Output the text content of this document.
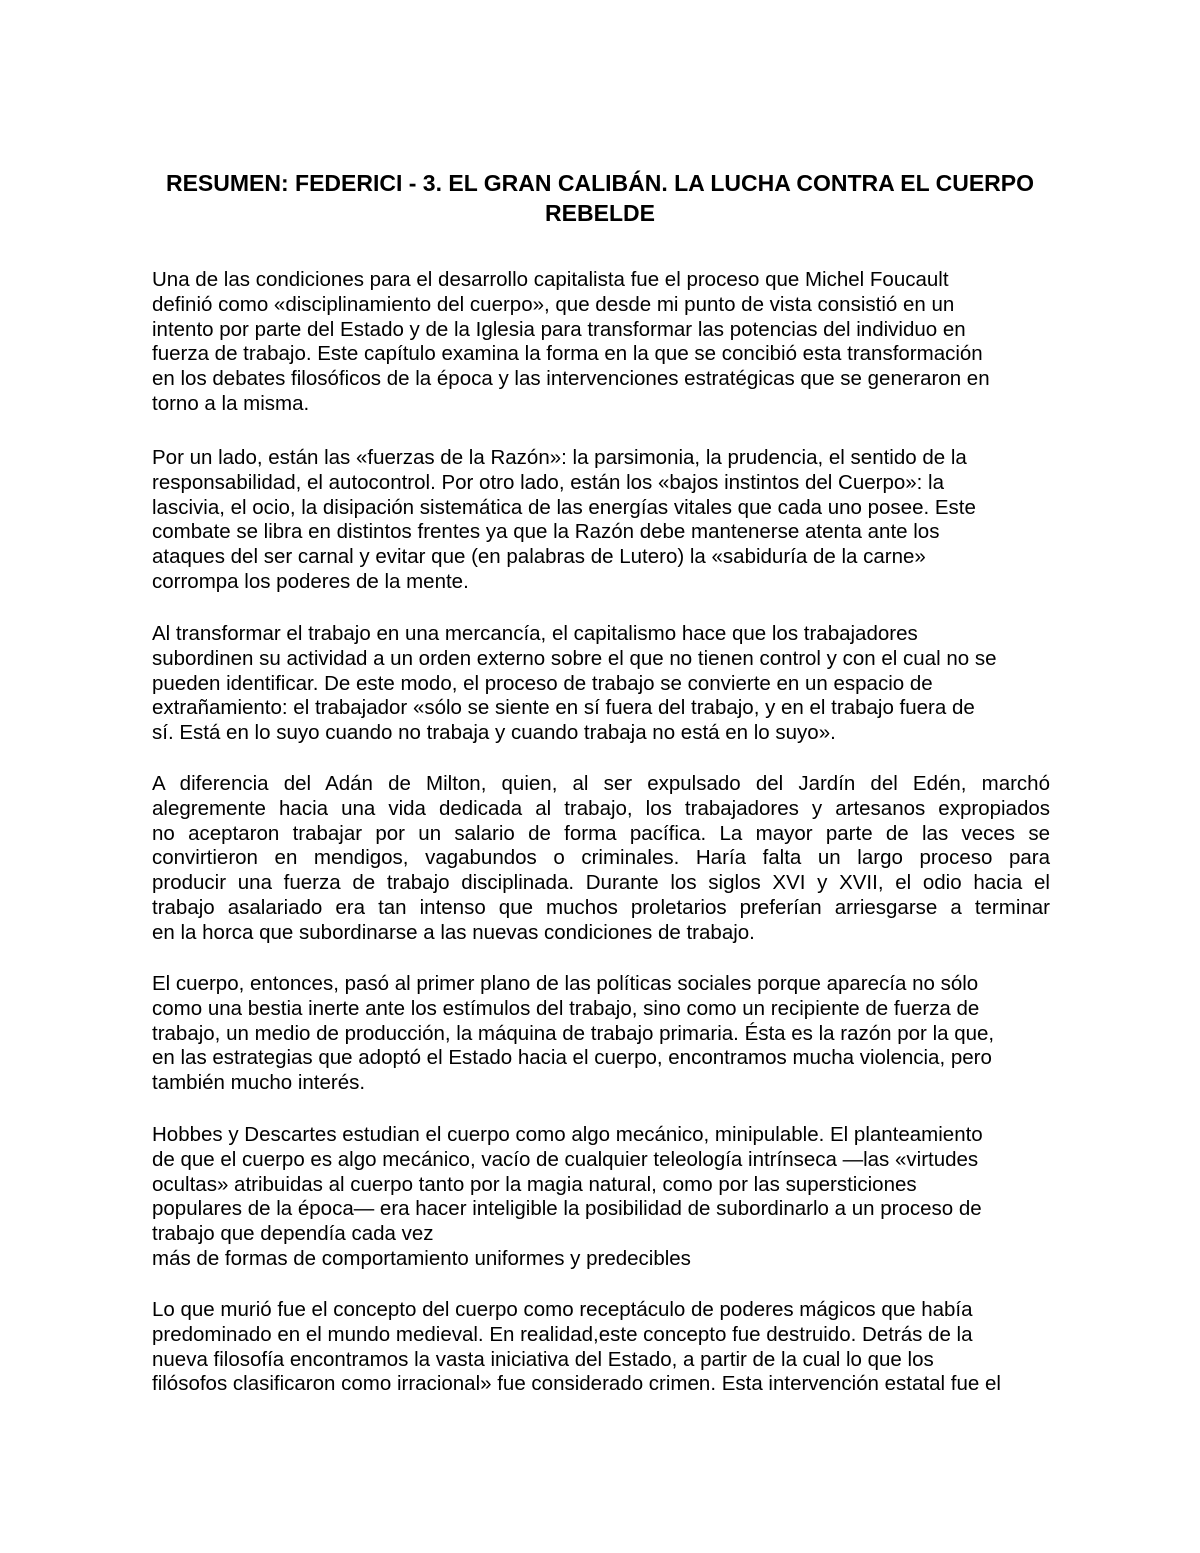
RESUMEN: FEDERICI - 3. EL GRAN CALIBÁN. LA LUCHA CONTRA EL CUERPO REBELDE

Una de las condiciones para el desarrollo capitalista fue el proceso que Michel Foucault
definió como «disciplinamiento del cuerpo», que desde mi punto de vista consistió en un
intento por parte del Estado y de la Iglesia para transformar las potencias del individuo en
fuerza de trabajo. Este capítulo examina la forma en la que se concibió esta transformación
en los debates filosóficos de la época y las intervenciones estratégicas que se generaron en
torno a la misma.

Por un lado, están las «fuerzas de la Razón»: la parsimonia, la prudencia, el sentido de la
responsabilidad, el autocontrol. Por otro lado, están los «bajos instintos del Cuerpo»: la
lascivia, el ocio, la disipación sistemática de las energías vitales que cada uno posee. Este
combate se libra en distintos frentes ya que la Razón debe mantenerse atenta ante los
ataques del ser carnal y evitar que (en palabras de Lutero) la «sabiduría de la carne»
corrompa los poderes de la mente.

Al transformar el trabajo en una mercancía, el capitalismo hace que los trabajadores
subordinen su actividad a un orden externo sobre el que no tienen control y con el cual no se
pueden identificar. De este modo, el proceso de trabajo se convierte en un espacio de
extrañamiento: el trabajador «sólo se siente en sí fuera del trabajo, y en el trabajo fuera de
sí. Está en lo suyo cuando no trabaja y cuando trabaja no está en lo suyo».

A diferencia del Adán de Milton, quien, al ser expulsado del Jardín del Edén, marchó
alegremente hacia una vida dedicada al trabajo, los trabajadores y artesanos expropiados
no aceptaron trabajar por un salario de forma pacífica. La mayor parte de las veces se
convirtieron en mendigos, vagabundos o criminales. Haría falta un largo proceso para
producir una fuerza de trabajo disciplinada. Durante los siglos XVI y XVII, el odio hacia el
trabajo asalariado era tan intenso que muchos proletarios preferían arriesgarse a terminar
en la horca que subordinarse a las nuevas condiciones de trabajo.

El cuerpo, entonces, pasó al primer plano de las políticas sociales porque aparecía no sólo
como una bestia inerte ante los estímulos del trabajo, sino como un recipiente de fuerza de
trabajo, un medio de producción, la máquina de trabajo primaria. Ésta es la razón por la que,
en las estrategias que adoptó el Estado hacia el cuerpo, encontramos mucha violencia, pero
también mucho interés.

Hobbes y Descartes estudian el cuerpo como algo mecánico, minipulable. El planteamiento
de que el cuerpo es algo mecánico, vacío de cualquier teleología intrínseca —las «virtudes
ocultas» atribuidas al cuerpo tanto por la magia natural, como por las supersticiones
populares de la época— era hacer inteligible la posibilidad de subordinarlo a un proceso de
trabajo que dependía cada vez
más de formas de comportamiento uniformes y predecibles

Lo que murió fue el concepto del cuerpo como receptáculo de poderes mágicos que había
predominado en el mundo medieval. En realidad,este concepto fue destruido. Detrás de la
nueva filosofía encontramos la vasta iniciativa del Estado, a partir de la cual lo que los
filósofos clasificaron como irracional» fue considerado crimen. Esta intervención estatal fue el
